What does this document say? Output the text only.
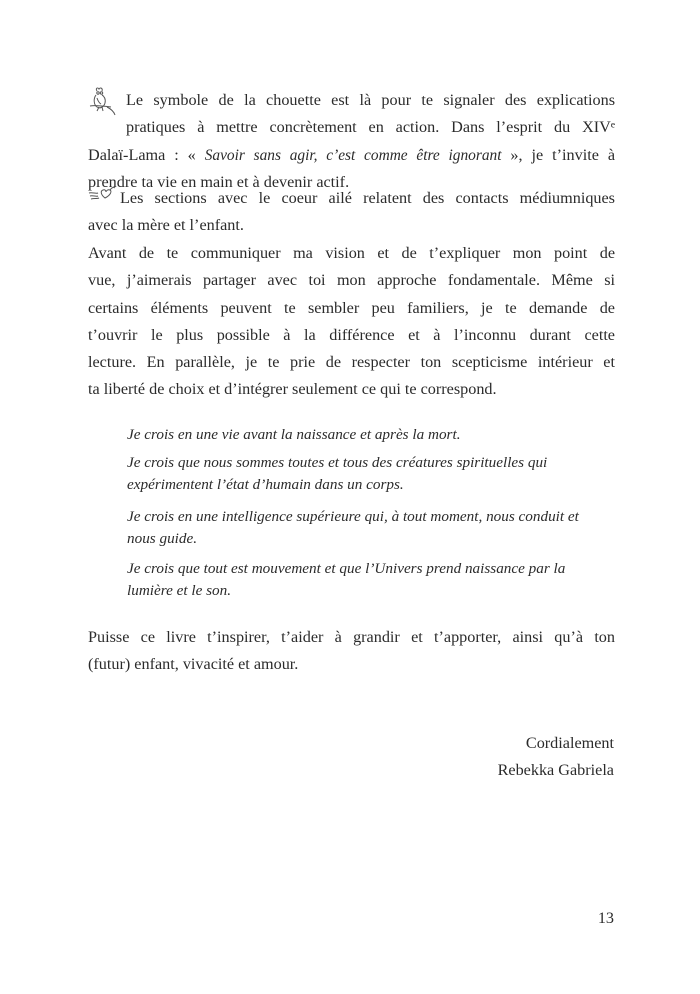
Le symbole de la chouette est là pour te signaler des explications
pratiques à mettre concrètement en action. Dans l’esprit du XIVᵉ
Dalaï-Lama : « Savoir sans agir, c’est comme être ignorant », je t’invite à
prendre ta vie en main et à devenir actif.

Les sections avec le coeur ailé relatent des contacts médiumniques
avec la mère et l’enfant.

Avant de te communiquer ma vision et de t’expliquer mon point de
vue, j’aimerais partager avec toi mon approche fondamentale. Même si
certains éléments peuvent te sembler peu familiers, je te demande de
t’ouvrir le plus possible à la différence et à l’inconnu durant cette
lecture. En parallèle, je te prie de respecter ton scepticisme intérieur et
ta liberté de choix et d’intégrer seulement ce qui te correspond.

Je crois en une vie avant la naissance et après la mort.

Je crois que nous sommes toutes et tous des créatures spirituelles qui
expérimentent l’état d’humain dans un corps.

Je crois en une intelligence supérieure qui, à tout moment, nous conduit et
nous guide.

Je crois que tout est mouvement et que l’Univers prend naissance par la
lumière et le son.

Puisse ce livre t’inspirer, t’aider à grandir et t’apporter, ainsi qu’à ton
(futur) enfant, vivacité et amour.

Cordialement

Rebekka Gabriela

13
